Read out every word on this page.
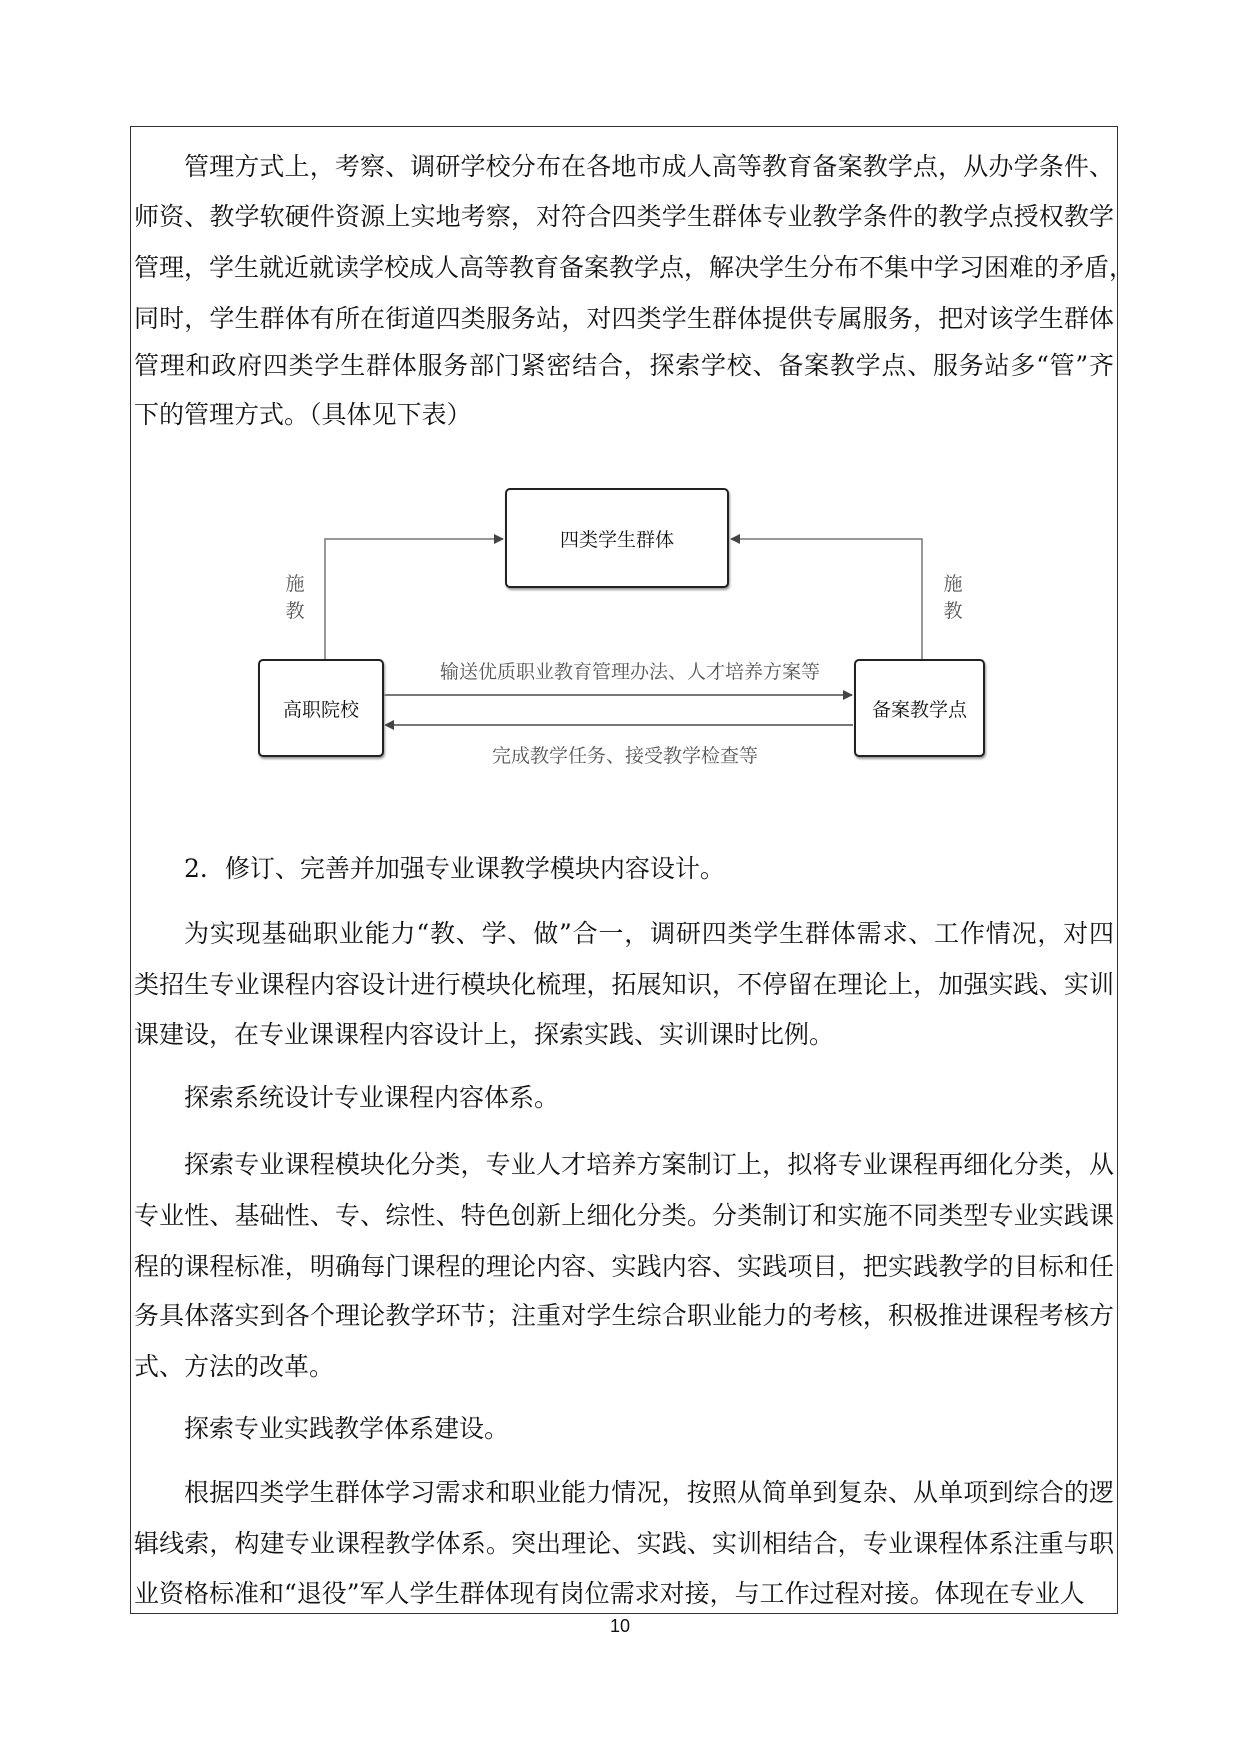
管理方式上，考察、调研学校分布在各地市成人高等教育备案教学点，从办学条件、
师资、教学软硬件资源上实地考察，对符合四类学生群体专业教学条件的教学点授权教学
管理，学生就近就读学校成人高等教育备案教学点，解决学生分布不集中学习困难的矛盾，
同时，学生群体有所在街道四类服务站，对四类学生群体提供专属服务，把对该学生群体
管理和政府四类学生群体服务部门紧密结合，探索学校、备案教学点、服务站多“管”齐
下的管理方式。（具体见下表）
四类学生群体
高职院校	备案教学点
施教
施教
输送优质职业教育管理办法、人才培养方案等
完成教学任务、接受教学检查等
2．修订、完善并加强专业课教学模块内容设计。
为实现基础职业能力“教、学、做”合一，调研四类学生群体需求、工作情况，对四
类招生专业课程内容设计进行模块化梳理，拓展知识，不停留在理论上，加强实践、实训
课建设，在专业课课程内容设计上，探索实践、实训课时比例。
探索系统设计专业课程内容体系。
探索专业课程模块化分类，专业人才培养方案制订上，拟将专业课程再细化分类，从
专业性、基础性、专、综性、特色创新上细化分类。分类制订和实施不同类型专业实践课
程的课程标准，明确每门课程的理论内容、实践内容、实践项目，把实践教学的目标和任
务具体落实到各个理论教学环节；注重对学生综合职业能力的考核，积极推进课程考核方
式、方法的改革。
探索专业实践教学体系建设。
根据四类学生群体学习需求和职业能力情况，按照从简单到复杂、从单项到综合的逻
辑线索，构建专业课程教学体系。突出理论、实践、实训相结合，专业课程体系注重与职
业资格标准和“退役”军人学生群体现有岗位需求对接，与工作过程对接。体现在专业人
10
